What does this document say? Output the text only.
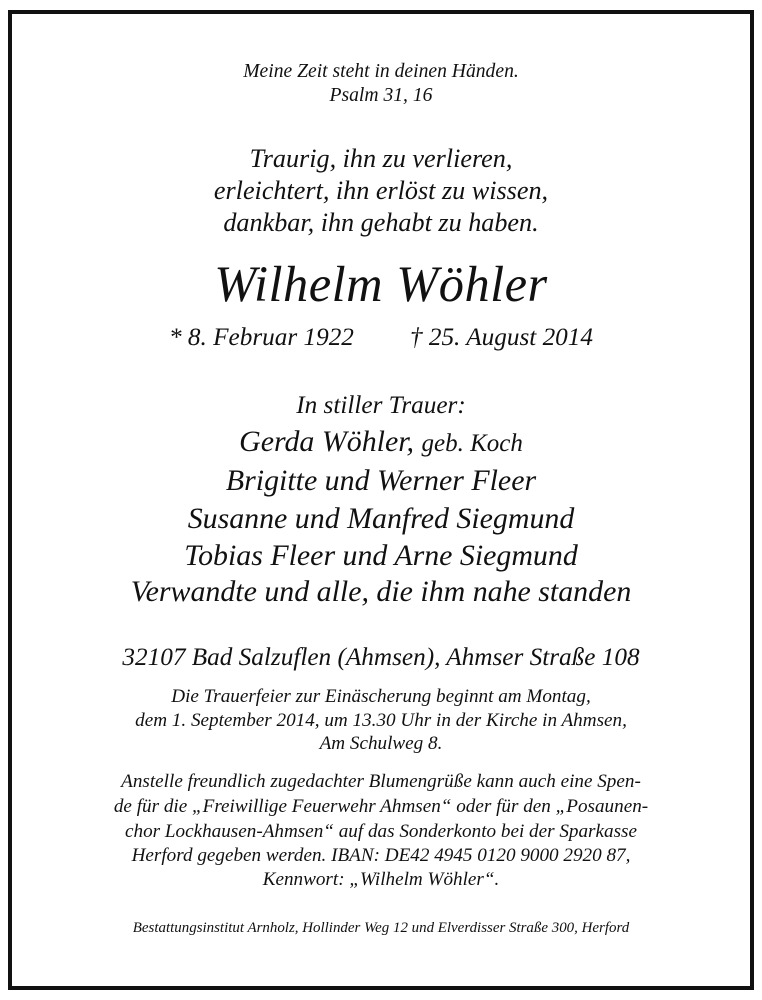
Meine Zeit steht in deinen Händen.
Psalm 31, 16
Traurig, ihn zu verlieren,
erleichtert, ihn erlöst zu wissen,
dankbar, ihn gehabt zu haben.
Wilhelm Wöhler
* 8. Februar 1922 † 25. August 2014
In stiller Trauer:
Gerda Wöhler, geb. Koch
Brigitte und Werner Fleer
Susanne und Manfred Siegmund
Tobias Fleer und Arne Siegmund
Verwandte und alle, die ihm nahe standen
32107 Bad Salzuflen (Ahmsen), Ahmser Straße 108
Die Trauerfeier zur Einäscherung beginnt am Montag,
dem 1. September 2014, um 13.30 Uhr in der Kirche in Ahmsen,
Am Schulweg 8.
Anstelle freundlich zugedachter Blumengrüße kann auch eine Spen-
de für die „Freiwillige Feuerwehr Ahmsen“ oder für den „Posaunen-
chor Lockhausen-Ahmsen“ auf das Sonderkonto bei der Sparkasse
Herford gegeben werden. IBAN: DE42 4945 0120 9000 2920 87,
Kennwort: „Wilhelm Wöhler“.
Bestattungsinstitut Arnholz, Hollinder Weg 12 und Elverdisser Straße 300, Herford
